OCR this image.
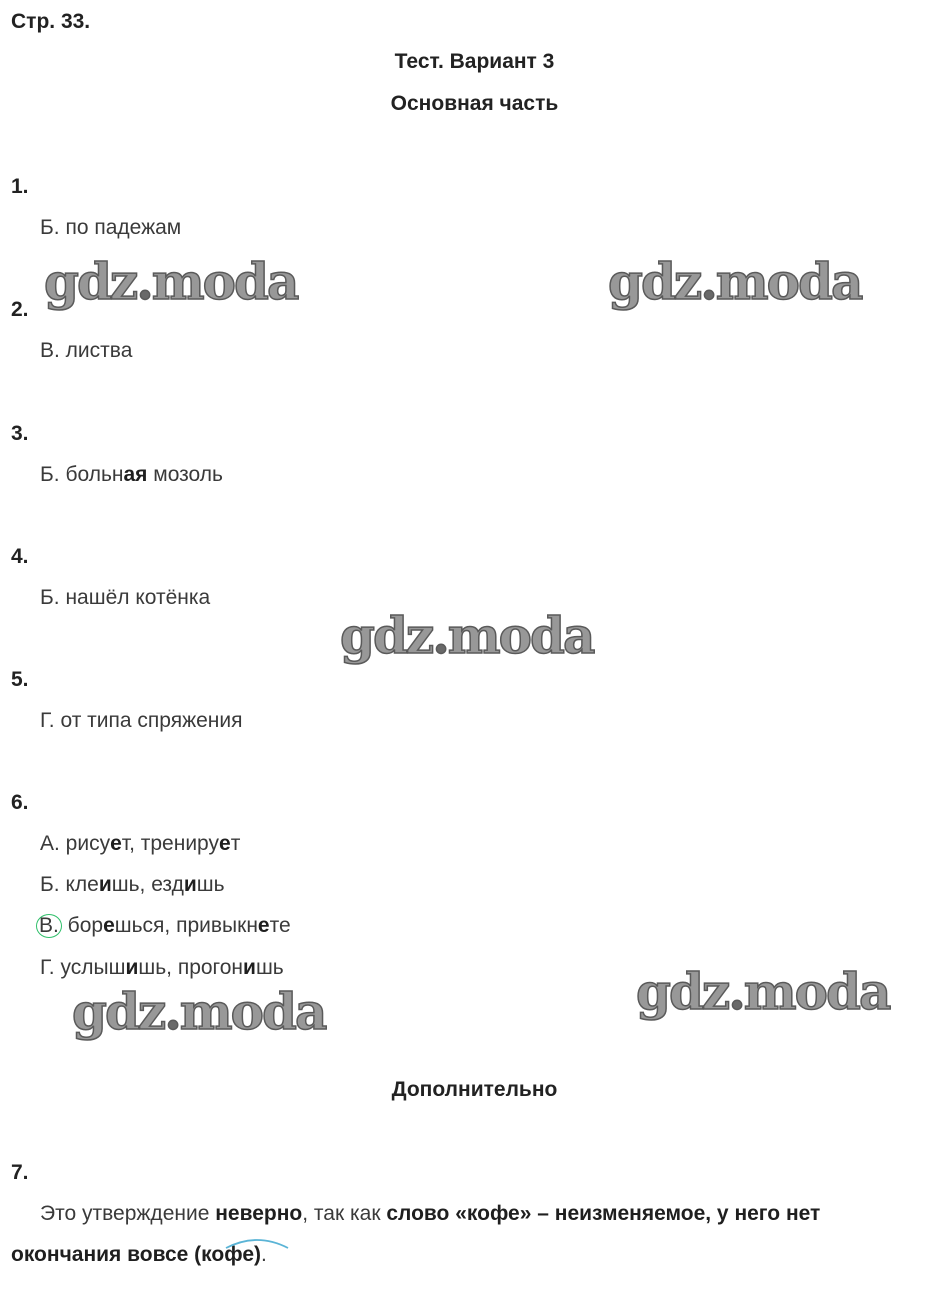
Стр. 33.
Тест. Вариант 3
Основная часть
1.
Б. по падежам
2.
В. листва
3.
Б. больная мозоль
4.
Б. нашёл котёнка
5.
Г. от типа спряжения
6.
А. рисует, тренирует
Б. клеишь, ездишь
В. борешься, привыкнете
Г. услышишь, прогонишь
Дополнительно
7.
Это утверждение неверно, так как слово «кофе» – неизменяемое, у него нет
окончания вовсе (кофе).
gdz.moda	gdz.moda
gdz.moda
gdz.moda	gdz.moda
